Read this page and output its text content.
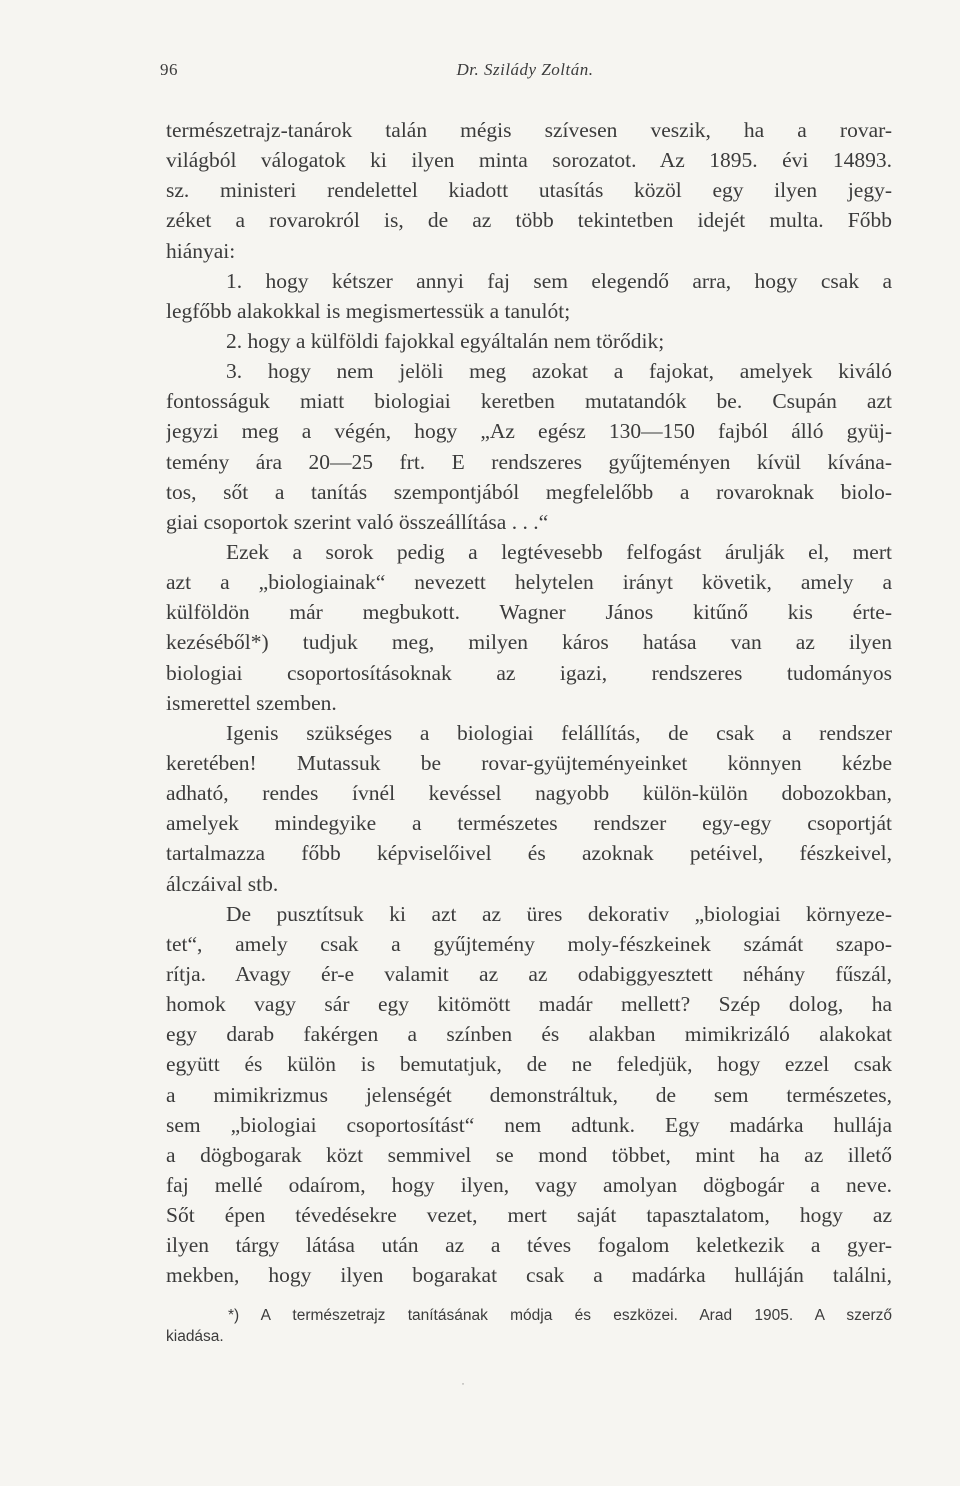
96	Dr. Szilády Zoltán.
természetrajz-tanárok talán mégis szívesen veszik, ha a rovar-
világból válogatok ki ilyen minta sorozatot. Az 1895. évi 14893.
sz. ministeri rendelettel kiadott utasítás közöl egy ilyen jegy-
zéket a rovarokról is, de az több tekintetben idejét multa. Főbb
hiányai:
1. hogy kétszer annyi faj sem elegendő arra, hogy csak a
legfőbb alakokkal is megismertessük a tanulót;
2. hogy a külföldi fajokkal egyáltalán nem törődik;
3. hogy nem jelöli meg azokat a fajokat, amelyek kiváló
fontosságuk miatt biologiai keretben mutatandók be. Csupán azt
jegyzi meg a végén, hogy „Az egész 130—150 fajból álló gyüj-
temény ára 20—25 frt. E rendszeres gyűjteményen kívül kívána-
tos, sőt a tanítás szempontjából megfelelőbb a rovaroknak biolo-
giai csoportok szerint való összeállítása . . .“
Ezek a sorok pedig a legtévesebb felfogást árulják el, mert
azt a „biologiainak“ nevezett helytelen irányt követik, amely a
külföldön már megbukott. Wagner János kitűnő kis érte-
kezéséből*) tudjuk meg, milyen káros hatása van az ilyen
biologiai csoportosításoknak az igazi, rendszeres tudományos
ismerettel szemben.
Igenis szükséges a biologiai felállítás, de csak a rendszer
keretében! Mutassuk be rovar-gyüjteményeinket könnyen kézbe
adható, rendes ívnél kevéssel nagyobb külön-külön dobozokban,
amelyek mindegyike a természetes rendszer egy-egy csoportját
tartalmazza főbb képviselőivel és azoknak petéivel, fészkeivel,
álczáival stb.
De pusztítsuk ki azt az üres dekorativ „biologiai környeze-
tet“, amely csak a gyűjtemény moly-fészkeinek számát szapo-
rítja. Avagy ér-e valamit az az odabiggyesztett néhány fűszál,
homok vagy sár egy kitömött madár mellett? Szép dolog, ha
egy darab fakérgen a színben és alakban mimikrizáló alakokat
együtt és külön is bemutatjuk, de ne feledjük, hogy ezzel csak
a mimikrizmus jelenségét demonstráltuk, de sem természetes,
sem „biologiai csoportosítást“ nem adtunk. Egy madárka hullája
a dögbogarak közt semmivel se mond többet, mint ha az illető
faj mellé odaírom, hogy ilyen, vagy amolyan dögbogár a neve.
Sőt épen tévedésekre vezet, mert saját tapasztalatom, hogy az
ilyen tárgy látása után az a téves fogalom keletkezik a gyer-
mekben, hogy ilyen bogarakat csak a madárka hulláján találni,
*) A természetrajz tanításának módja és eszközei. Arad 1905. A szerző
kiadása.
˙
